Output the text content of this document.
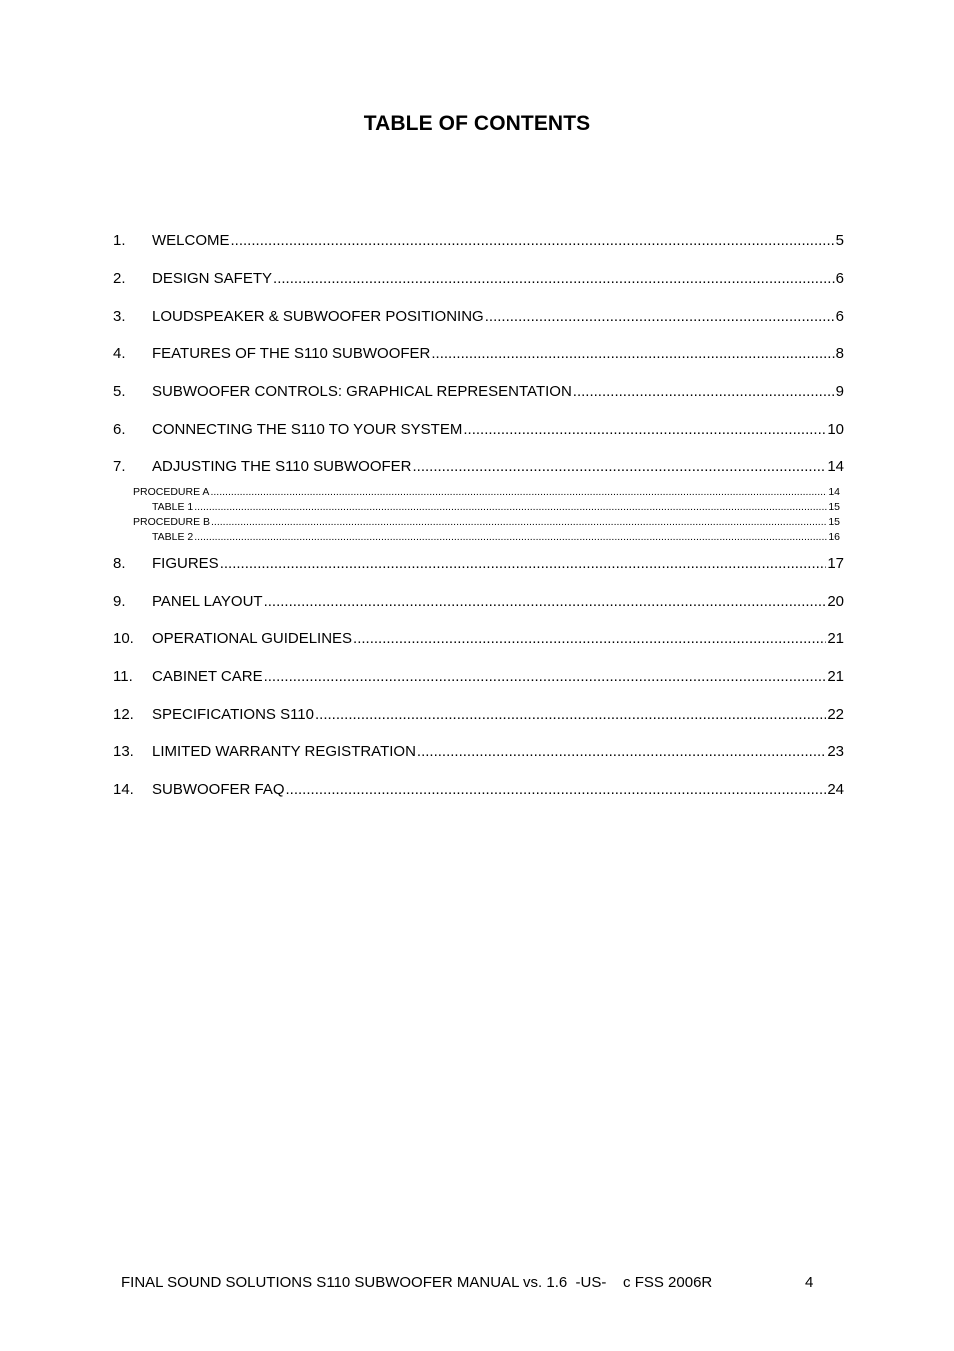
TABLE OF CONTENTS
1.	WELCOME .....	5
2.	DESIGN SAFETY .....	6
3.	LOUDSPEAKER & SUBWOOFER POSITIONING .....	6
4.	FEATURES OF THE S110 SUBWOOFER .....	8
5.	SUBWOOFER CONTROLS: GRAPHICAL REPRESENTATION .....	9
6.	CONNECTING THE S110 TO YOUR SYSTEM .....	10
7.	ADJUSTING THE S110 SUBWOOFER .....	14
PROCEDURE A .....	14
TABLE 1 .....	15
PROCEDURE B .....	15
TABLE 2 .....	16
8.	FIGURES .....	17
9.	PANEL LAYOUT .....	20
10.	OPERATIONAL GUIDELINES .....	21
11.	CABINET CARE .....	21
12.	SPECIFICATIONS S110 .....	22
13.	LIMITED WARRANTY REGISTRATION .....	23
14.	SUBWOOFER FAQ .....	24
FINAL SOUND SOLUTIONS S110 SUBWOOFER MANUAL vs. 1.6  -US-    c FSS 2006R	4
